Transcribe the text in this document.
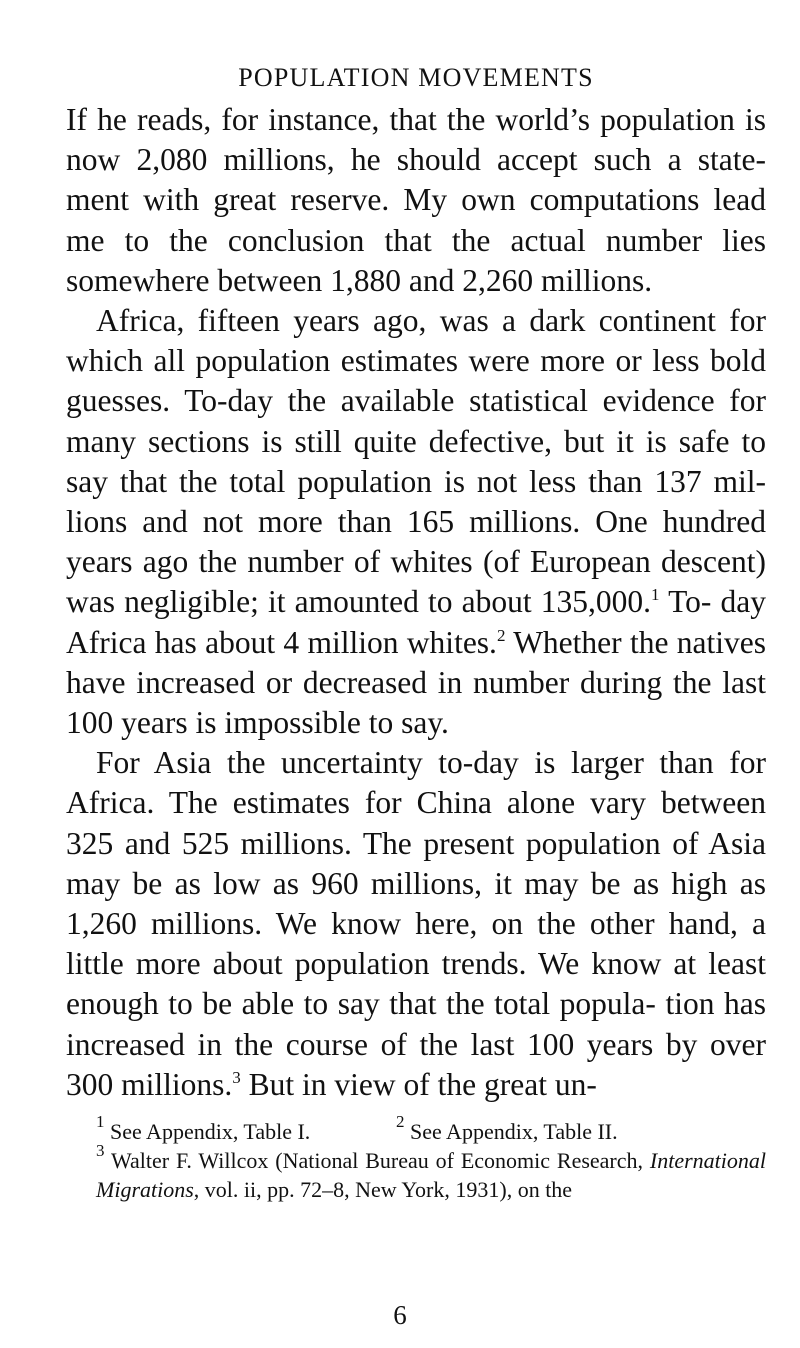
POPULATION MOVEMENTS

If he reads, for instance, that the world’s population is now 2,080 millions, he should accept such a state- ment with great reserve. My own computations lead me to the conclusion that the actual number lies somewhere between 1,880 and 2,260 millions.

Africa, fifteen years ago, was a dark continent for which all population estimates were more or less bold guesses. To-day the available statistical evidence for many sections is still quite defective, but it is safe to say that the total population is not less than 137 mil- lions and not more than 165 millions. One hundred years ago the number of whites (of European descent) was negligible; it amounted to about 135,000.$^1$ To- day Africa has about 4 million whites.$^2$ Whether the natives have increased or decreased in number during the last 100 years is impossible to say.

For Asia the uncertainty to-day is larger than for Africa. The estimates for China alone vary between 325 and 525 millions. The present population of Asia may be as low as 960 millions, it may be as high as 1,260 millions. We know here, on the other hand, a little more about population trends. We know at least enough to be able to say that the total popula- tion has increased in the course of the last 100 years by over 300 millions.$^3$ But in view of the great un-

$^1$ See Appendix, Table I.	$^2$ See Appendix, Table II.

$^3$ Walter F. Willcox (National Bureau of Economic Research, International Migrations, vol. ii, pp. 72–8, New York, 1931), on the

6
